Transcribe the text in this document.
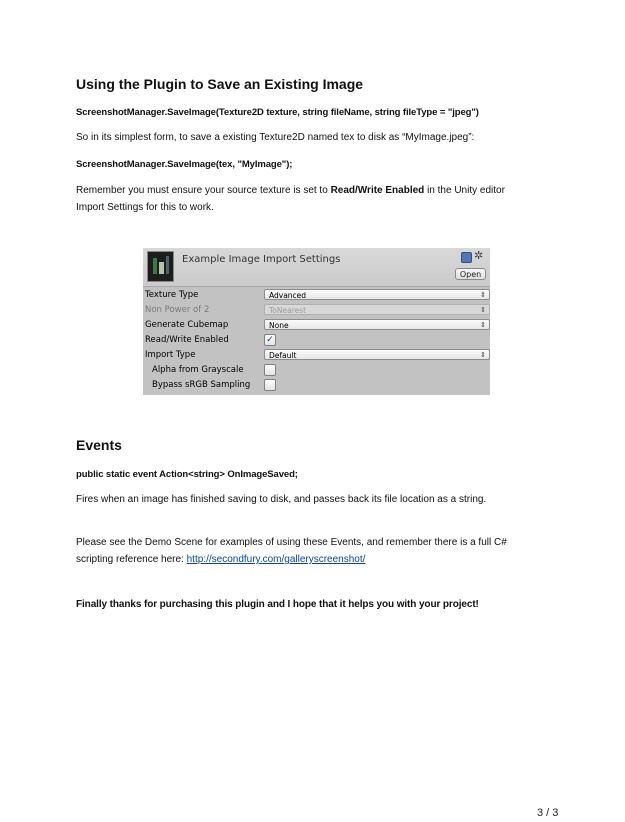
Using the Plugin to Save an Existing Image

ScreenshotManager.SaveImage(Texture2D texture, string fileName, string fileType = "jpeg")

So in its simplest form, to save a existing Texture2D named tex to disk as “MyImage.jpeg”:

ScreenshotManager.SaveImage(tex, "MyImage");

Remember you must ensure your source texture is set to Read/Write Enabled in the Unity editor
Import Settings for this to work.

Example Image Import Settings	✲
Open
Texture Type	Advanced	⇕
Non Power of 2	ToNearest	⇕
Generate Cubemap	None	⇕
Read/Write Enabled	✓
Import Type	Default	⇕
Alpha from Grayscale
Bypass sRGB Sampling
Events

public static event Action<string> OnImageSaved;

Fires when an image has finished saving to disk, and passes back its file location as a string.

Please see the Demo Scene for examples of using these Events, and remember there is a full C#
scripting reference here: http://secondfury.com/galleryscreenshot/

Finally thanks for purchasing this plugin and I hope that it helps you with your project!

3 / 3
